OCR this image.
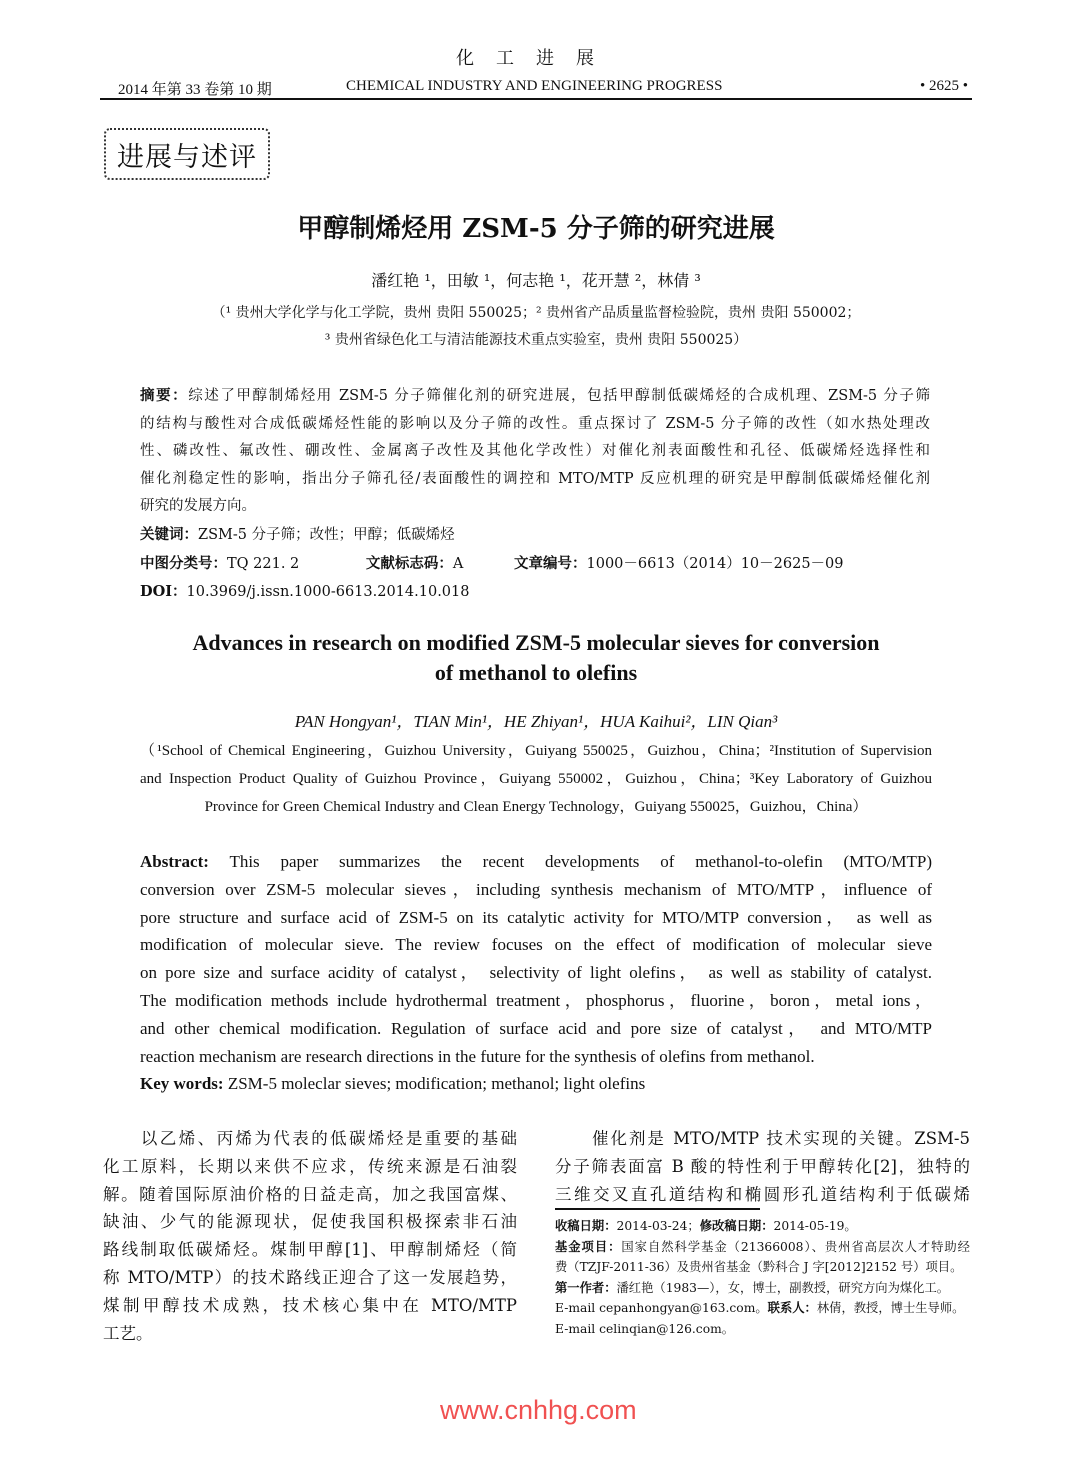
化工进展
2014 年第 33 卷第 10 期	CHEMICAL INDUSTRY AND ENGINEERING PROGRESS	• 2625 •
进展与述评
甲醇制烯烃用 ZSM-5 分子筛的研究进展
潘红艳 ¹，田敏 ¹，何志艳 ¹，花开慧 ²，林倩 ³
（¹ 贵州大学化学与化工学院，贵州 贵阳 550025；² 贵州省产品质量监督检验院，贵州 贵阳 550002；
³ 贵州省绿色化工与清洁能源技术重点实验室，贵州 贵阳 550025）
摘要：综述了甲醇制烯烃用 ZSM-5 分子筛催化剂的研究进展，包括甲醇制低碳烯烃的合成机理、ZSM-5 分子筛
的结构与酸性对合成低碳烯烃性能的影响以及分子筛的改性。重点探讨了 ZSM-5 分子筛的改性（如水热处理改
性、磷改性、氟改性、硼改性、金属离子改性及其他化学改性）对催化剂表面酸性和孔径、低碳烯烃选择性和
催化剂稳定性的影响，指出分子筛孔径/表面酸性的调控和 MTO/MTP 反应机理的研究是甲醇制低碳烯烃催化剂
研究的发展方向。
关键词：ZSM-5 分子筛；改性；甲醇；低碳烯烃
中图分类号：TQ 221. 2	文献标志码：A	文章编号：1000－6613（2014）10－2625－09
DOI：10.3969/j.issn.1000-6613.2014.10.018
Advances in research on modified ZSM-5 molecular sieves for conversion
of methanol to olefins
PAN Hongyan¹，TIAN Min¹，HE Zhiyan¹，HUA Kaihui²，LIN Qian³
（¹School of Chemical Engineering，Guizhou University，Guiyang 550025，Guizhou，China；²Institution of Supervision
and Inspection Product Quality of Guizhou Province，Guiyang 550002，Guizhou，China；³Key Laboratory of Guizhou
Province for Green Chemical Industry and Clean Energy Technology，Guiyang 550025，Guizhou，China）
Abstract: This paper summarizes the recent developments of methanol-to-olefin (MTO/MTP)
conversion over ZSM-5 molecular sieves，including synthesis mechanism of MTO/MTP，influence of
pore structure and surface acid of ZSM-5 on its catalytic activity for MTO/MTP conversion， as well as
modification of molecular sieve. The review focuses on the effect of modification of molecular sieve
on pore size and surface acidity of catalyst， selectivity of light olefins， as well as stability of catalyst.
The modification methods include hydrothermal treatment，phosphorus，fluorine，boron，metal ions，
and other chemical modification. Regulation of surface acid and pore size of catalyst， and MTO/MTP
reaction mechanism are research directions in the future for the synthesis of olefins from methanol.
Key words: ZSM-5 moleclar sieves; modification; methanol; light olefins
　　以乙烯、丙烯为代表的低碳烯烃是重要的基础
化工原料，长期以来供不应求，传统来源是石油裂
解。随着国际原油价格的日益走高，加之我国富煤、
缺油、少气的能源现状，促使我国积极探索非石油
路线制取低碳烯烃。煤制甲醇[1]、甲醇制烯烃（简
称 MTO/MTP）的技术路线正迎合了这一发展趋势，
煤制甲醇技术成熟，技术核心集中在 MTO/MTP
工艺。
　　催化剂是 MTO/MTP 技术实现的关键。ZSM-5
分子筛表面富 B 酸的特性利于甲醇转化[2]，独特的
三维交叉直孔道结构和椭圆形孔道结构利于低碳烯
收稿日期：2014-03-24；修改稿日期：2014-05-19。
基金项目：国家自然科学基金（21366008）、贵州省高层次人才特助经
费（TZJF-2011-36）及贵州省基金（黔科合 J 字[2012]2152 号）项目。
第一作者：潘红艳（1983—），女，博士，副教授，研究方向为煤化工。
E-mail cepanhongyan@163.com。联系人：林倩，教授，博士生导师。
E-mail celinqian@126.com。
www.cnhhg.com
